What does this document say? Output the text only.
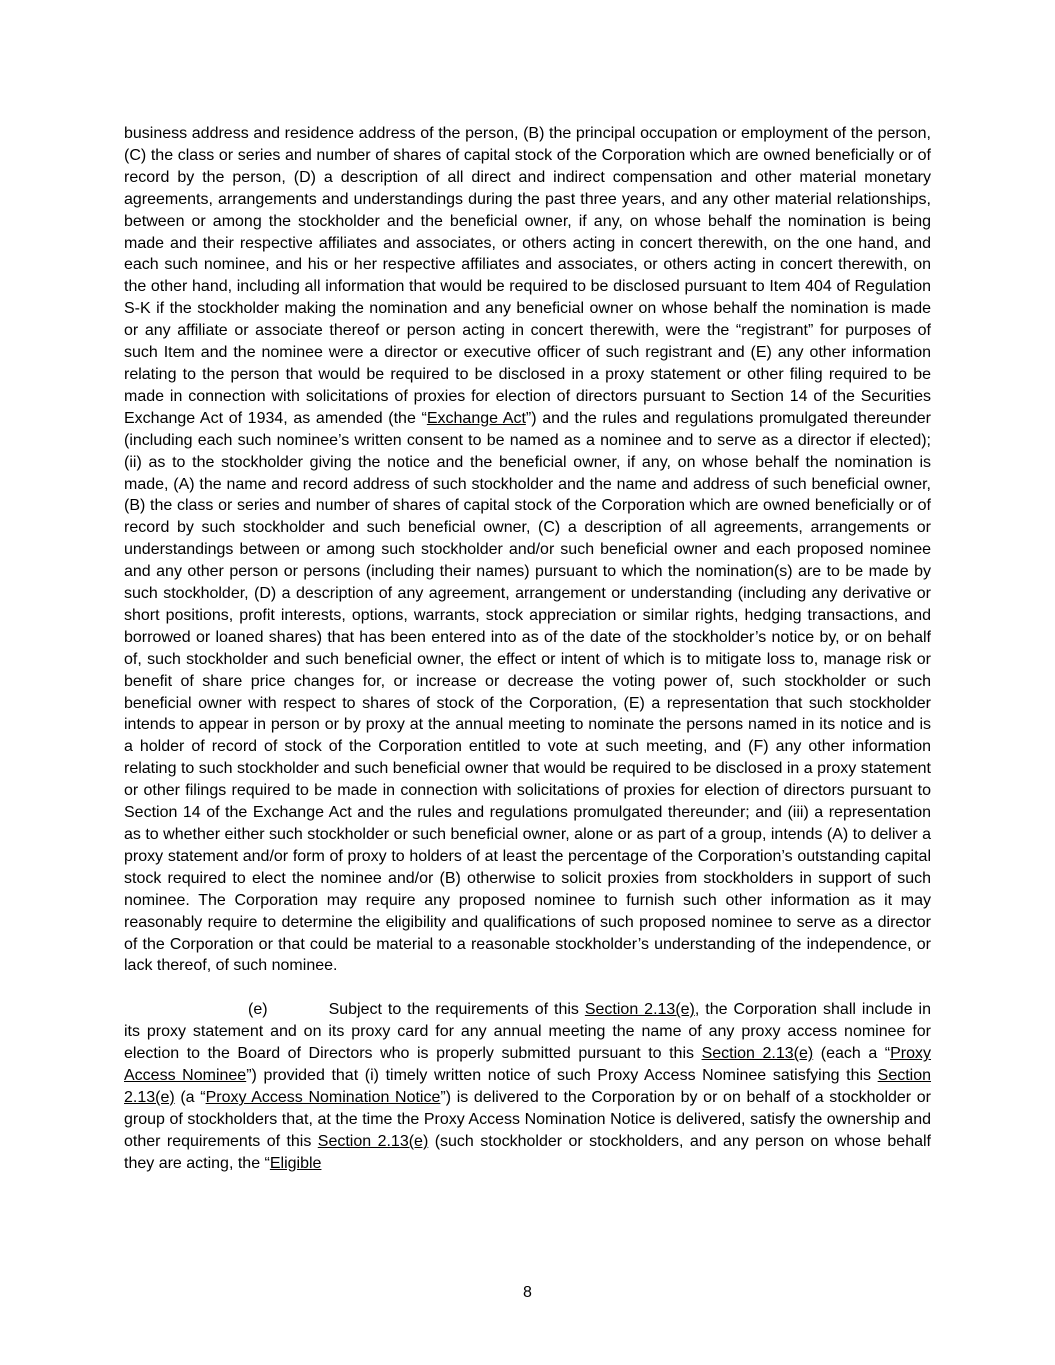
business address and residence address of the person, (B) the principal occupation or employment of the person, (C) the class or series and number of shares of capital stock of the Corporation which are owned beneficially or of record by the person, (D) a description of all direct and indirect compensation and other material monetary agreements, arrangements and understandings during the past three years, and any other material relationships, between or among the stockholder and the beneficial owner, if any, on whose behalf the nomination is being made and their respective affiliates and associates, or others acting in concert therewith, on the one hand, and each such nominee, and his or her respective affiliates and associates, or others acting in concert therewith, on the other hand, including all information that would be required to be disclosed pursuant to Item 404 of Regulation S-K if the stockholder making the nomination and any beneficial owner on whose behalf the nomination is made or any affiliate or associate thereof or person acting in concert therewith, were the “registrant” for purposes of such Item and the nominee were a director or executive officer of such registrant and (E) any other information relating to the person that would be required to be disclosed in a proxy statement or other filing required to be made in connection with solicitations of proxies for election of directors pursuant to Section 14 of the Securities Exchange Act of 1934, as amended (the “Exchange Act”) and the rules and regulations promulgated thereunder (including each such nominee’s written consent to be named as a nominee and to serve as a director if elected); (ii) as to the stockholder giving the notice and the beneficial owner, if any, on whose behalf the nomination is made, (A) the name and record address of such stockholder and the name and address of such beneficial owner, (B) the class or series and number of shares of capital stock of the Corporation which are owned beneficially or of record by such stockholder and such beneficial owner, (C) a description of all agreements, arrangements or understandings between or among such stockholder and/or such beneficial owner and each proposed nominee and any other person or persons (including their names) pursuant to which the nomination(s) are to be made by such stockholder, (D) a description of any agreement, arrangement or understanding (including any derivative or short positions, profit interests, options, warrants, stock appreciation or similar rights, hedging transactions, and borrowed or loaned shares) that has been entered into as of the date of the stockholder’s notice by, or on behalf of, such stockholder and such beneficial owner, the effect or intent of which is to mitigate loss to, manage risk or benefit of share price changes for, or increase or decrease the voting power of, such stockholder or such beneficial owner with respect to shares of stock of the Corporation, (E) a representation that such stockholder intends to appear in person or by proxy at the annual meeting to nominate the persons named in its notice and is a holder of record of stock of the Corporation entitled to vote at such meeting, and (F) any other information relating to such stockholder and such beneficial owner that would be required to be disclosed in a proxy statement or other filings required to be made in connection with solicitations of proxies for election of directors pursuant to Section 14 of the Exchange Act and the rules and regulations promulgated thereunder; and (iii) a representation as to whether either such stockholder or such beneficial owner, alone or as part of a group, intends (A) to deliver a proxy statement and/or form of proxy to holders of at least the percentage of the Corporation’s outstanding capital stock required to elect the nominee and/or (B) otherwise to solicit proxies from stockholders in support of such nominee. The Corporation may require any proposed nominee to furnish such other information as it may reasonably require to determine the eligibility and qualifications of such proposed nominee to serve as a director of the Corporation or that could be material to a reasonable stockholder’s understanding of the independence, or lack thereof, of such nominee.

(e)	Subject to the requirements of this Section 2.13(e), the Corporation shall include in its proxy statement and on its proxy card for any annual meeting the name of any proxy access nominee for election to the Board of Directors who is properly submitted pursuant to this Section 2.13(e) (each a “Proxy Access Nominee”) provided that (i) timely written notice of such Proxy Access Nominee satisfying this Section 2.13(e) (a “Proxy Access Nomination Notice”) is delivered to the Corporation by or on behalf of a stockholder or group of stockholders that, at the time the Proxy Access Nomination Notice is delivered, satisfy the ownership and other requirements of this Section 2.13(e) (such stockholder or stockholders, and any person on whose behalf they are acting, the “Eligible

8
